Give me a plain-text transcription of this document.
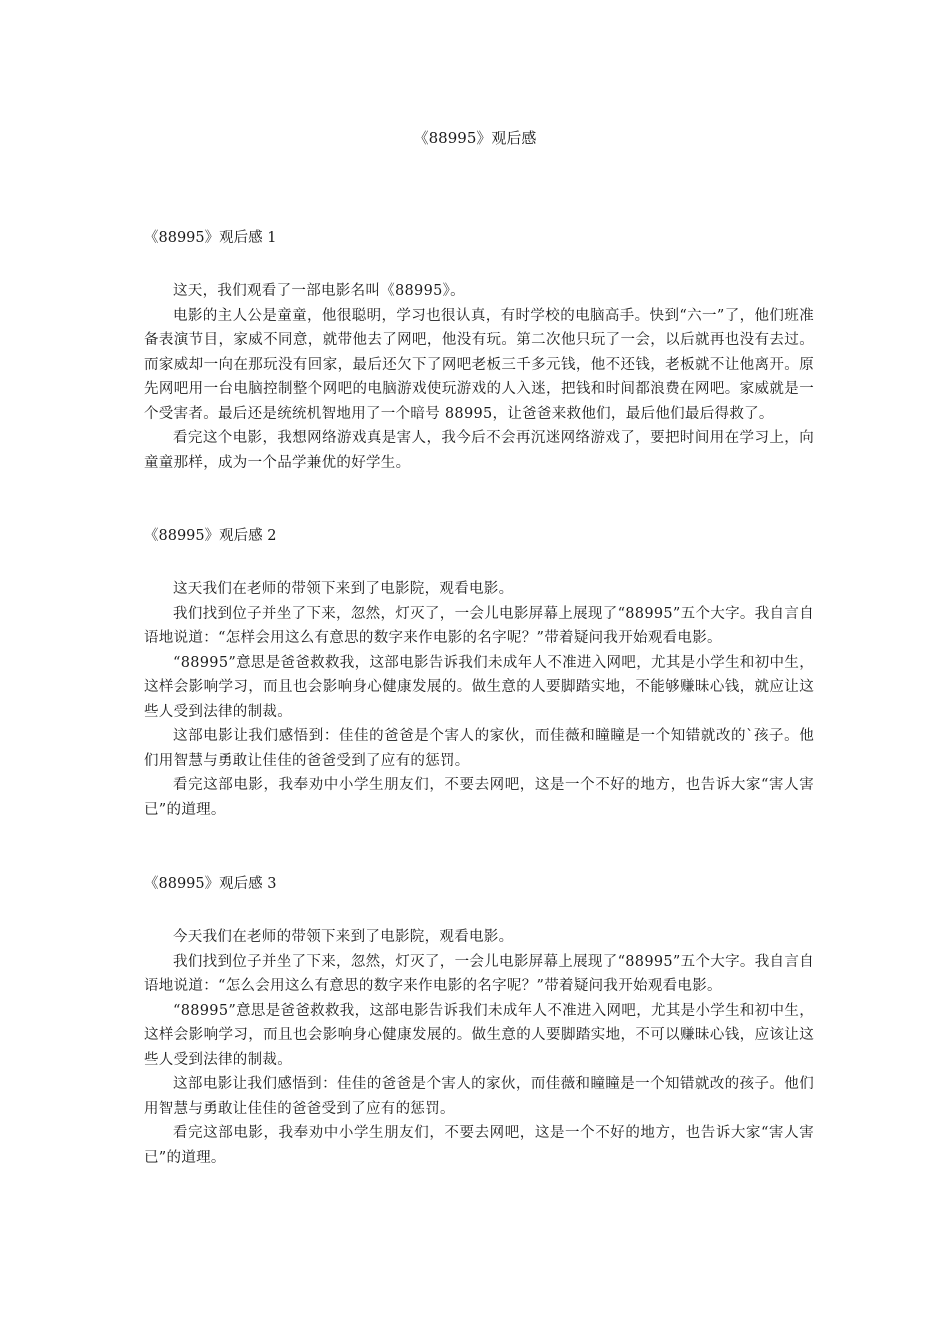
《88995》观后感

《88995》观后感 1

这天，我们观看了一部电影名叫《88995》。

电影的主人公是童童，他很聪明，学习也很认真，有时学校的电脑高手。快到“六一”了，他们班准备表演节目，家威不同意，就带他去了网吧，他没有玩。第二次他只玩了一会，以后就再也没有去过。而家威却一向在那玩没有回家，最后还欠下了网吧老板三千多元钱，他不还钱，老板就不让他离开。原先网吧用一台电脑控制整个网吧的电脑游戏使玩游戏的人入迷，把钱和时间都浪费在网吧。家威就是一个受害者。最后还是统统机智地用了一个暗号 88995，让爸爸来救他们，最后他们最后得救了。

看完这个电影，我想网络游戏真是害人，我今后不会再沉迷网络游戏了，要把时间用在学习上，向童童那样，成为一个品学兼优的好学生。

《88995》观后感 2

这天我们在老师的带领下来到了电影院，观看电影。

我们找到位子并坐了下来，忽然，灯灭了，一会儿电影屏幕上展现了“88995”五个大字。我自言自语地说道：“怎样会用这么有意思的数字来作电影的名字呢？”带着疑问我开始观看电影。

“88995”意思是爸爸救救我，这部电影告诉我们未成年人不准进入网吧，尤其是小学生和初中生，这样会影响学习，而且也会影响身心健康发展的。做生意的人要脚踏实地，不能够赚昧心钱，就应让这些人受到法律的制裁。

这部电影让我们感悟到：佳佳的爸爸是个害人的家伙，而佳薇和瞳瞳是一个知错就改的`孩子。他们用智慧与勇敢让佳佳的爸爸受到了应有的惩罚。

看完这部电影，我奉劝中小学生朋友们，不要去网吧，这是一个不好的地方，也告诉大家“害人害已”的道理。

《88995》观后感 3

今天我们在老师的带领下来到了电影院，观看电影。

我们找到位子并坐了下来，忽然，灯灭了，一会儿电影屏幕上展现了“88995”五个大字。我自言自语地说道：“怎么会用这么有意思的数字来作电影的名字呢？”带着疑问我开始观看电影。

“88995”意思是爸爸救救我，这部电影告诉我们未成年人不准进入网吧，尤其是小学生和初中生，这样会影响学习，而且也会影响身心健康发展的。做生意的人要脚踏实地，不可以赚昧心钱，应该让这些人受到法律的制裁。

这部电影让我们感悟到：佳佳的爸爸是个害人的家伙，而佳薇和瞳瞳是一个知错就改的孩子。他们用智慧与勇敢让佳佳的爸爸受到了应有的惩罚。

看完这部电影，我奉劝中小学生朋友们，不要去网吧，这是一个不好的地方，也告诉大家“害人害已”的道理。
